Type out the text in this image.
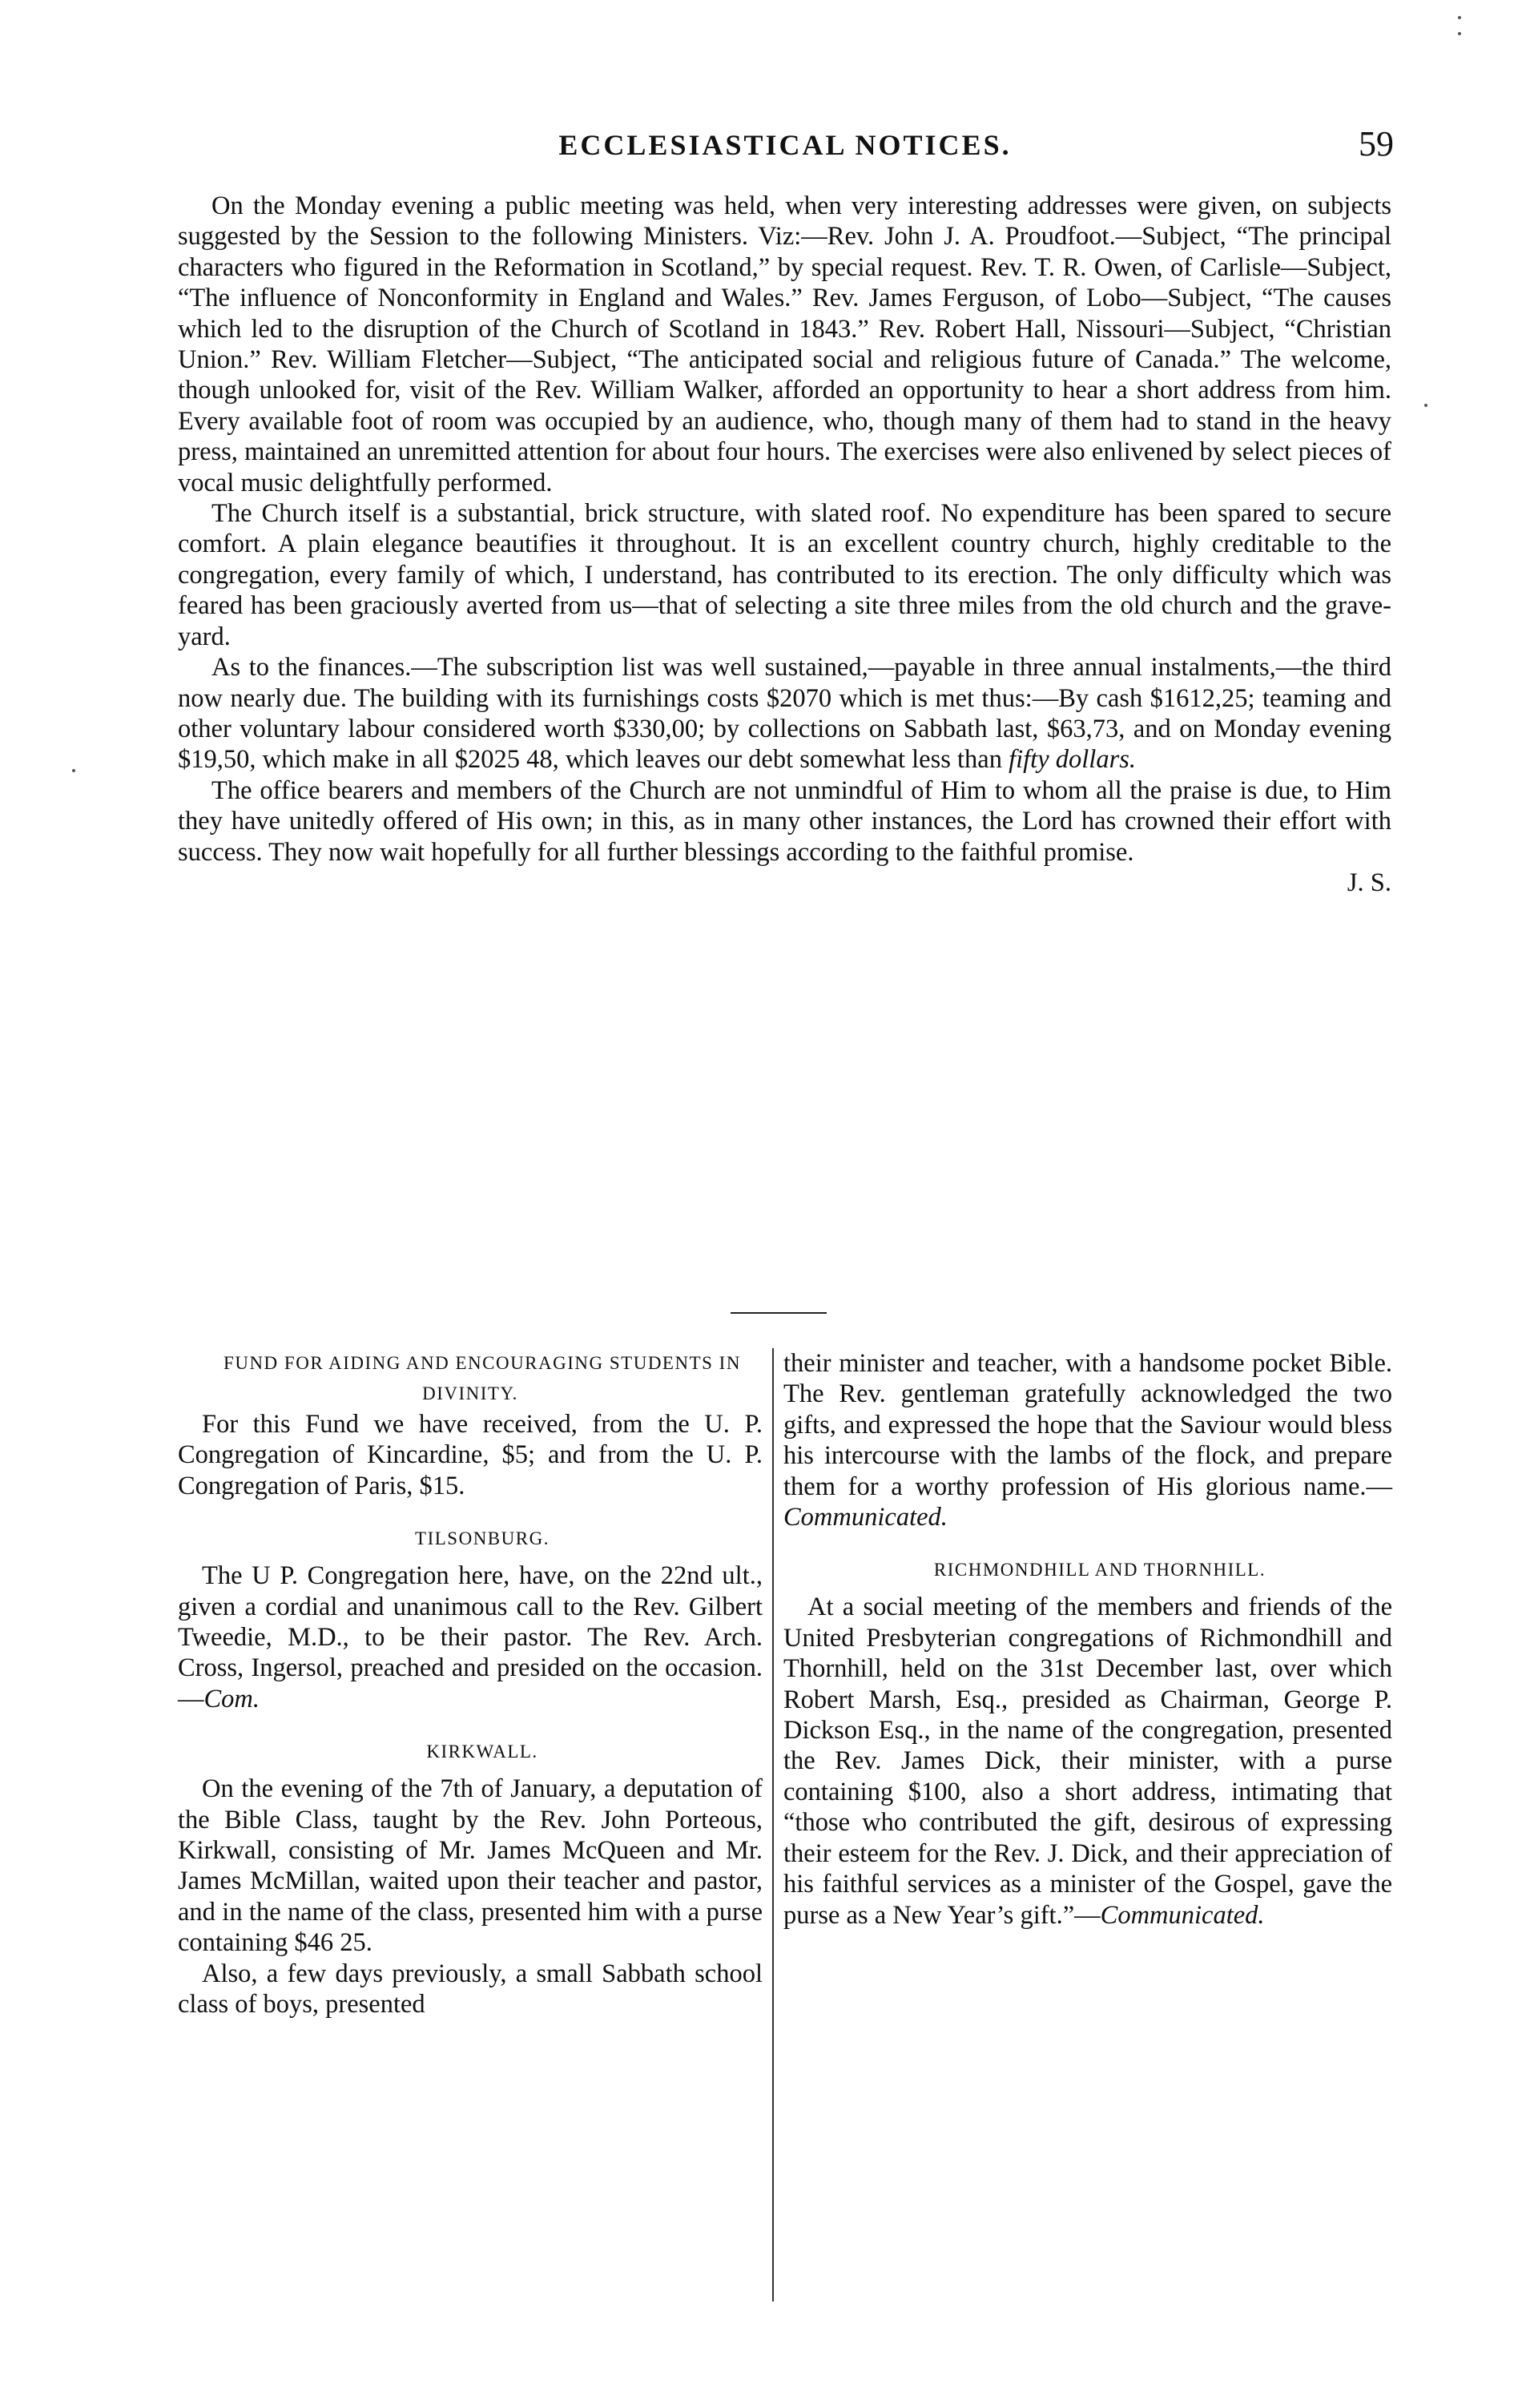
ECCLESIASTICAL NOTICES.	59

On the Monday evening a public meeting was held, when very interesting addresses were given, on subjects suggested by the Session to the following Ministers. Viz:—Rev. John J. A. Proudfoot.—Subject, “The principal characters who figured in the Reformation in Scotland,” by special request. Rev. T. R. Owen, of Carlisle—Subject, “The influence of Nonconformity in England and Wales.” Rev. James Ferguson, of Lobo—Subject, “The causes which led to the disruption of the Church of Scotland in 1843.” Rev. Robert Hall, Nissouri—Subject, “Christian Union.” Rev. William Fletcher—Subject, “The anticipated social and religious future of Canada.” The welcome, though unlooked for, visit of the Rev. William Walker, afforded an opportunity to hear a short address from him. Every available foot of room was occupied by an audience, who, though many of them had to stand in the heavy press, maintained an unremitted attention for about four hours. The exercises were also enlivened by select pieces of vocal music delightfully performed.

The Church itself is a substantial, brick structure, with slated roof. No expenditure has been spared to secure comfort. A plain elegance beautifies it throughout. It is an excellent country church, highly creditable to the congregation, every family of which, I understand, has contributed to its erection. The only difficulty which was feared has been graciously averted from us—that of selecting a site three miles from the old church and the grave-yard.

As to the finances.—The subscription list was well sustained,—payable in three annual instalments,—the third now nearly due. The building with its furnishings costs $2070 which is met thus:—By cash $1612,25; teaming and other voluntary labour considered worth $330,00; by collections on Sabbath last, $63,73, and on Monday evening $19,50, which make in all $2025 48, which leaves our debt somewhat less than fifty dollars.

The office bearers and members of the Church are not unmindful of Him to whom all the praise is due, to Him they have unitedly offered of His own; in this, as in many other instances, the Lord has crowned their effort with success. They now wait hopefully for all further blessings according to the faithful promise.

J. S.

FUND FOR AIDING AND ENCOURAGING STUDENTS IN DIVINITY.

For this Fund we have received, from the U. P. Congregation of Kincardine, $5; and from the U. P. Congregation of Paris, $15.

TILSONBURG.

The U P. Congregation here, have, on the 22nd ult., given a cordial and unanimous call to the Rev. Gilbert Tweedie, M.D., to be their pastor. The Rev. Arch. Cross, Ingersol, preached and presided on the occasion.—Com.

KIRKWALL.

On the evening of the 7th of January, a deputation of the Bible Class, taught by the Rev. John Porteous, Kirkwall, consisting of Mr. James McQueen and Mr. James McMillan, waited upon their teacher and pastor, and in the name of the class, presented him with a purse containing $46 25.

Also, a few days previously, a small Sabbath school class of boys, presented

their minister and teacher, with a handsome pocket Bible. The Rev. gentleman gratefully acknowledged the two gifts, and expressed the hope that the Saviour would bless his intercourse with the lambs of the flock, and prepare them for a worthy profession of His glorious name.—Communicated.

RICHMONDHILL AND THORNHILL.

At a social meeting of the members and friends of the United Presbyterian congregations of Richmondhill and Thornhill, held on the 31st December last, over which Robert Marsh, Esq., presided as Chairman, George P. Dickson Esq., in the name of the congregation, presented the Rev. James Dick, their minister, with a purse containing $100, also a short address, intimating that “those who contributed the gift, desirous of expressing their esteem for the Rev. J. Dick, and their appreciation of his faithful services as a minister of the Gospel, gave the purse as a New Year’s gift.”—Communicated.
